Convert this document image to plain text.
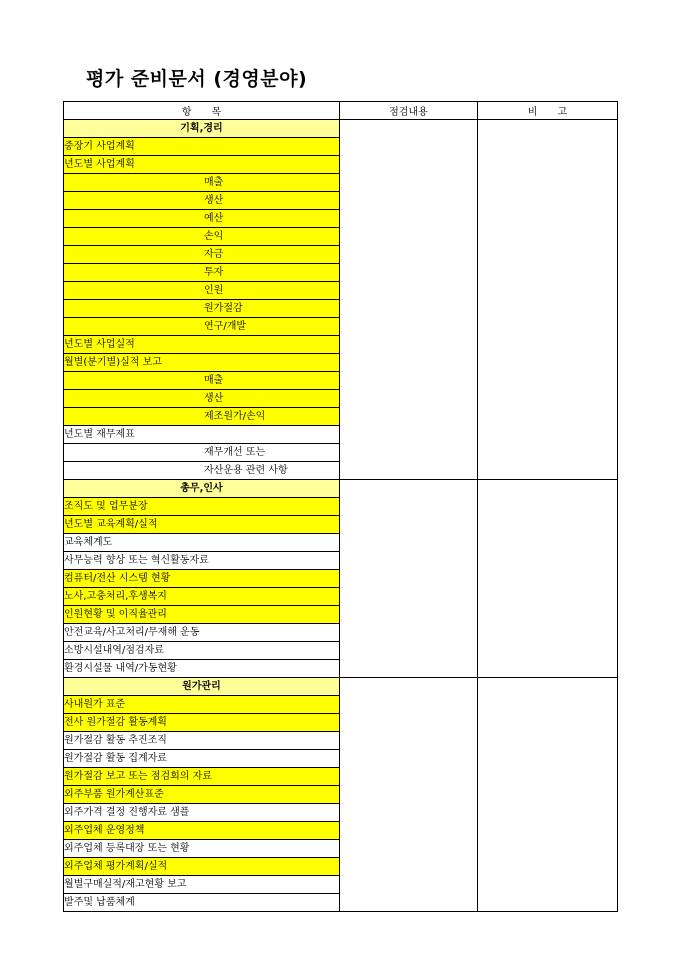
평가 준비문서 (경영분야)
항　　목	점검내용	비　　고
기획,경리		
중장기 사업계획		
년도별 사업계획		
매출		
생산		
예산		
손익		
자금		
투자		
인원		
원가절감		
연구/개발		
년도별 사업실적		
월별(분기별)실적 보고		
매출		
생산		
제조원가/손익		
년도별 재무제표		
재무개선 또는		
자산운용 관련 사항		
총무,인사		
조직도 및 업무분장		
년도별 교육계획/실적		
교육체계도		
사무능력 향상 또는 혁신활동자료		
컴퓨터/전산 시스템 현황		
노사,고충처리,후생복지		
인원현황 및 이직율관리		
안전교육/사고처리/무재해 운동		
소방시설내역/점검자료		
환경시설물 내역/가동현황		
원가관리		
사내원가 표준		
전사 원가절감 활동계획		
원가절감 활동 추진조직		
원가절감 활동 집계자료		
원가절감 보고 또는 점검회의 자료		
외주부품 원가계산표준		
외주가격 결정 진행자료 샘플		
외주업체 운영정책		
외주업체 등록대장 또는 현황		
외주업체 평가계획/실적		
월별구매실적/재고현황 보고		
발주및 납품체계		
